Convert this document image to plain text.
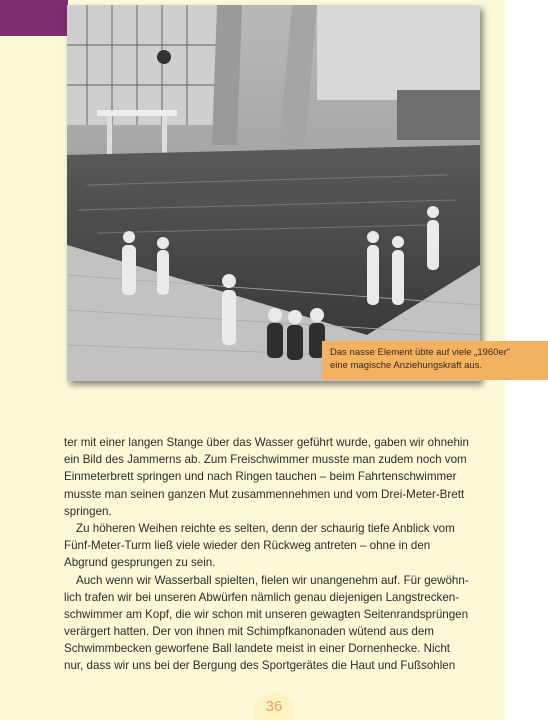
ter mit einer langen Stange über das Wasser geführt wurde, gaben wir ohnehin
ein Bild des Jammerns ab. Zum Freischwimmer musste man zudem noch vom
Einmeterbrett springen und nach Ringen tauchen – beim Fahrtenschwimmer
musste man seinen ganzen Mut zusammennehmen und vom Drei-Meter-Brett
springen.
Zu höheren Weihen reichte es selten, denn der schaurig tiefe Anblick vom
Fünf-Meter-Turm ließ viele wieder den Rückweg antreten – ohne in den
Abgrund gesprungen zu sein.
Auch wenn wir Wasserball spielten, fielen wir unangenehm auf. Für gewöhn-
lich trafen wir bei unseren Abwürfen nämlich genau diejenigen Langstrecken-
schwimmer am Kopf, die wir schon mit unseren gewagten Seitenrandsprüngen
verärgert hatten. Der von ihnen mit Schimpfkanonaden wütend aus dem
Schwimmbecken geworfene Ball landete meist in einer Dornenhecke. Nicht
nur, dass wir uns bei der Bergung des Sportgerätes die Haut und Fußsohlen
36
Das nasse Element übte auf viele „1960er“
eine magische Anziehungskraft aus.
